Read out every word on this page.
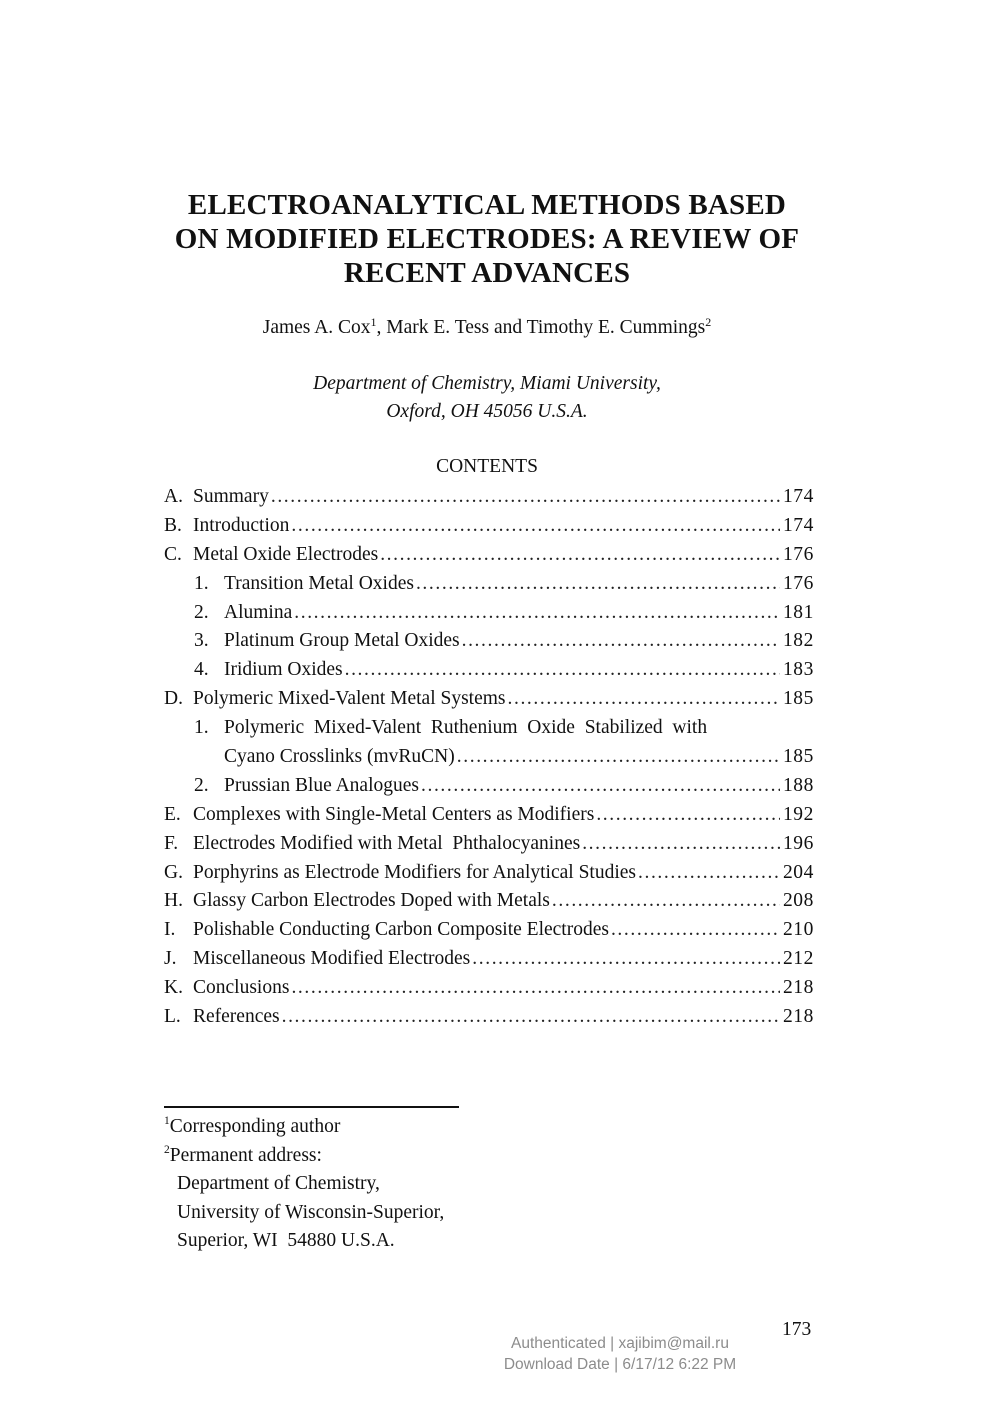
ELECTROANALYTICAL METHODS BASED
ON MODIFIED ELECTRODES: A REVIEW OF
RECENT ADVANCES
James A. Cox$^1$, Mark E. Tess and Timothy E. Cummings$^2$
Department of Chemistry, Miami University,
Oxford, OH 45056 U.S.A.
CONTENTS
A. Summary .....	174
B. Introduction .....	174
C. Metal Oxide Electrodes .....	176
1. Transition Metal Oxides .....	176
2. Alumina .....	181
3. Platinum Group Metal Oxides .....	182
4. Iridium Oxides .....	183
D. Polymeric Mixed-Valent Metal Systems .....	185
1. Polymeric  Mixed-Valent  Ruthenium  Oxide  Stabilized  with
Cyano Crosslinks (mvRuCN) .....	185
2. Prussian Blue Analogues .....	188
E. Complexes with Single-Metal Centers as Modifiers .....	192
F. Electrodes Modified with Metal  Phthalocyanines .....	196
G. Porphyrins as Electrode Modifiers for Analytical Studies .....	204
H. Glassy Carbon Electrodes Doped with Metals .....	208
I. Polishable Conducting Carbon Composite Electrodes .....	210
J. Miscellaneous Modified Electrodes .....	212
K. Conclusions .....	218
L. References .....	218
$^1$Corresponding author
$^2$Permanent address:
Department of Chemistry,
University of Wisconsin-Superior,
Superior, WI  54880 U.S.A.
173
Authenticated | xajibim@mail.ru
Download Date | 6/17/12 6:22 PM
